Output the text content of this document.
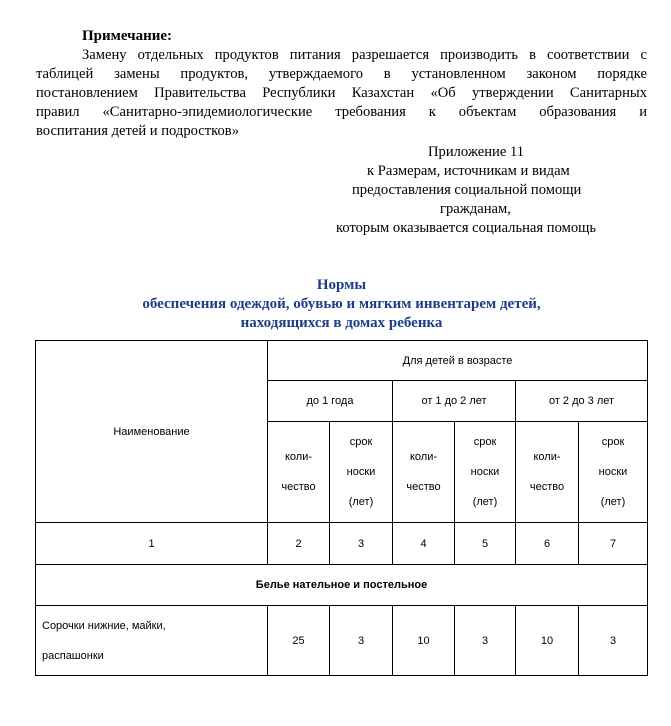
Примечание:
Замену отдельных продуктов питания разрешается производить в соответствии с
таблицей замены продуктов, утверждаемого в установленном законом порядке
постановлением Правительства Республики Казахстан «Об утверждении Санитарных
правил «Санитарно-эпидемиологические требования к объектам образования и
воспитания детей и подростков»
Приложение 11
к Размерам, источникам и видам
предоставления социальной помощи
гражданам,
которым оказывается социальная помощь
Нормы
обеспечения одеждой, обувью и мягким инвентарем детей,
находящихся в домах ребенка
Наименование	Для детей в возрасте					
	до 1 года		от 1 до 2 лет		от 2 до 3 лет	
	коли-
чество	срок
носки
(лет)	коли-
чество	срок
носки
(лет)	коли-
чество	срок
носки
(лет)
1	2	3	4	5	6	7
Белье нательное и постельное						
Сорочки нижние, майки,
распашонки	25	3	10	3	10	3
